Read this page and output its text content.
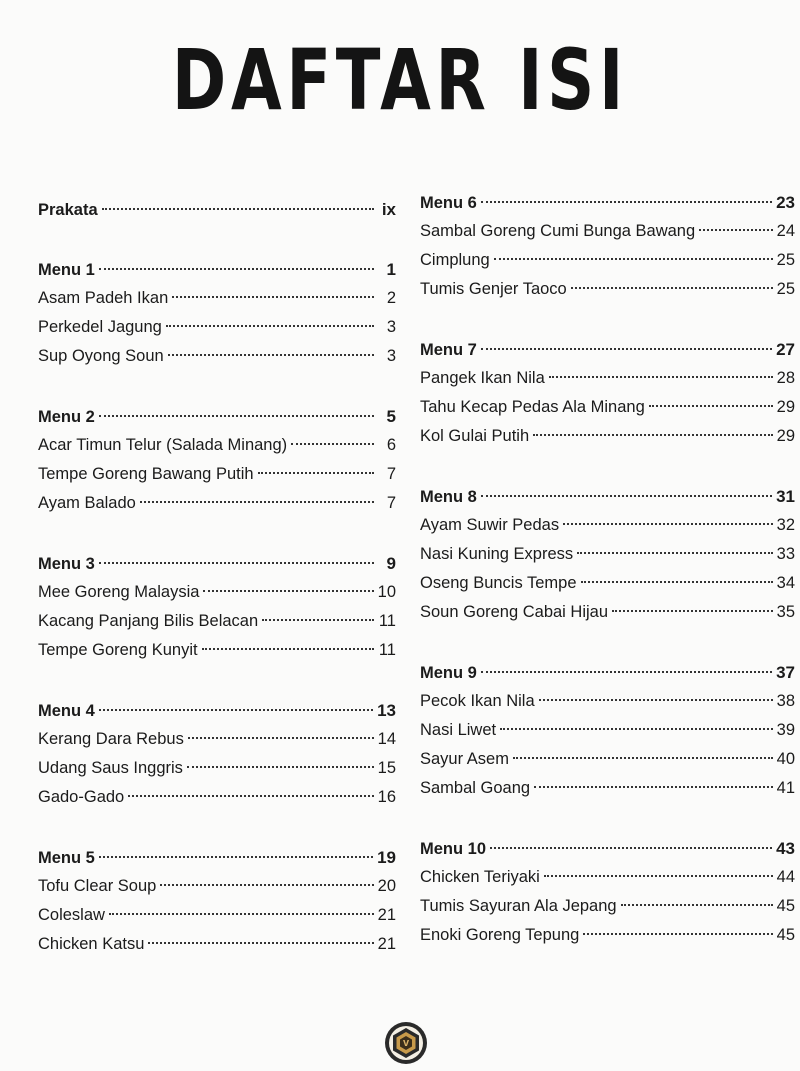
DAFTAR ISI
Prakata	ix
Menu 1	1
Asam Padeh Ikan	2
Perkedel Jagung	3
Sup Oyong Soun	3
Menu 2	5
Acar Timun Telur (Salada Minang)	6
Tempe Goreng Bawang Putih	7
Ayam Balado	7
Menu 3	9
Mee Goreng Malaysia	10
Kacang Panjang Bilis Belacan	11
Tempe Goreng Kunyit	11
Menu 4	13
Kerang Dara Rebus	14
Udang Saus Inggris	15
Gado-Gado	16
Menu 5	19
Tofu Clear Soup	20
Coleslaw	21
Chicken Katsu	21
Menu 6	23
Sambal Goreng Cumi Bunga Bawang	24
Cimplung	25
Tumis Genjer Taoco	25
Menu 7	27
Pangek Ikan Nila	28
Tahu Kecap Pedas Ala Minang	29
Kol Gulai Putih	29
Menu 8	31
Ayam Suwir Pedas	32
Nasi Kuning Express	33
Oseng Buncis Tempe	34
Soun Goreng Cabai Hijau	35
Menu 9	37
Pecok Ikan Nila	38
Nasi Liwet	39
Sayur Asem	40
Sambal Goang	41
Menu 10	43
Chicken Teriyaki	44
Tumis Sayuran Ala Jepang	45
Enoki Goreng Tepung	45
v
